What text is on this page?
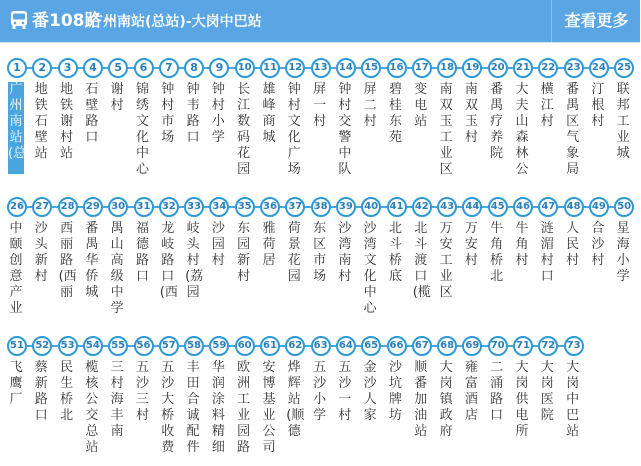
番108路
广州南站(总站)-大岗中巴站	查看更多
1
广州南站(总
2
地铁石壁站
3
地铁谢村站
4
石壁路口
5
谢村
6
锦绣文化中心
7
钟村市场
8
钟韦路口
9
钟村小学
10
长江数码花园
11
雄峰商城
12
钟村文化广场
13
屏一村
14
钟村交警中队
15
屏二村
16
碧桂东苑
17
变电站
18
南双玉工业区
19
南双玉村
20
番禺疗养院
21
大夫山森林公
22
横江村
23
番禺区气象局
24
汀根村
25
联邦工业城
26
中颐创意产业
27
沙头新村
28
西丽路(西丽
29
番禺华侨城
30
禺山高级中学
31
福德路口
32
龙岐路口(西
33
岐头村(荔园
34
沙园村
35
东园新村
36
雅荷居
37
荷景花园
38
东区市场
39
沙湾南村
40
沙湾文化中心
41
北斗桥底
42
北斗渡口(榄
43
万安工业区
44
万安村
45
牛角桥北
46
牛角村
47
涟湄村口
48
人民村
49
合沙村
50
星海小学
51
飞鹰厂
52
蔡新路口
53
民生桥北
54
榄核公交总站
55
三村海丰南
56
五沙三村
57
五沙大桥收费
58
丰田合诚配件
59
华润涂料精细
60
欧洲工业园路
61
安博基业公司
62
烨辉站(顺德
63
五沙小学
64
五沙一村
65
金沙人家
66
沙坑牌坊
67
顺番加油站
68
大岗镇政府
69
雍富酒店
70
二涌路口
71
大岗供电所
72
大岗医院
73
大岗中巴站
